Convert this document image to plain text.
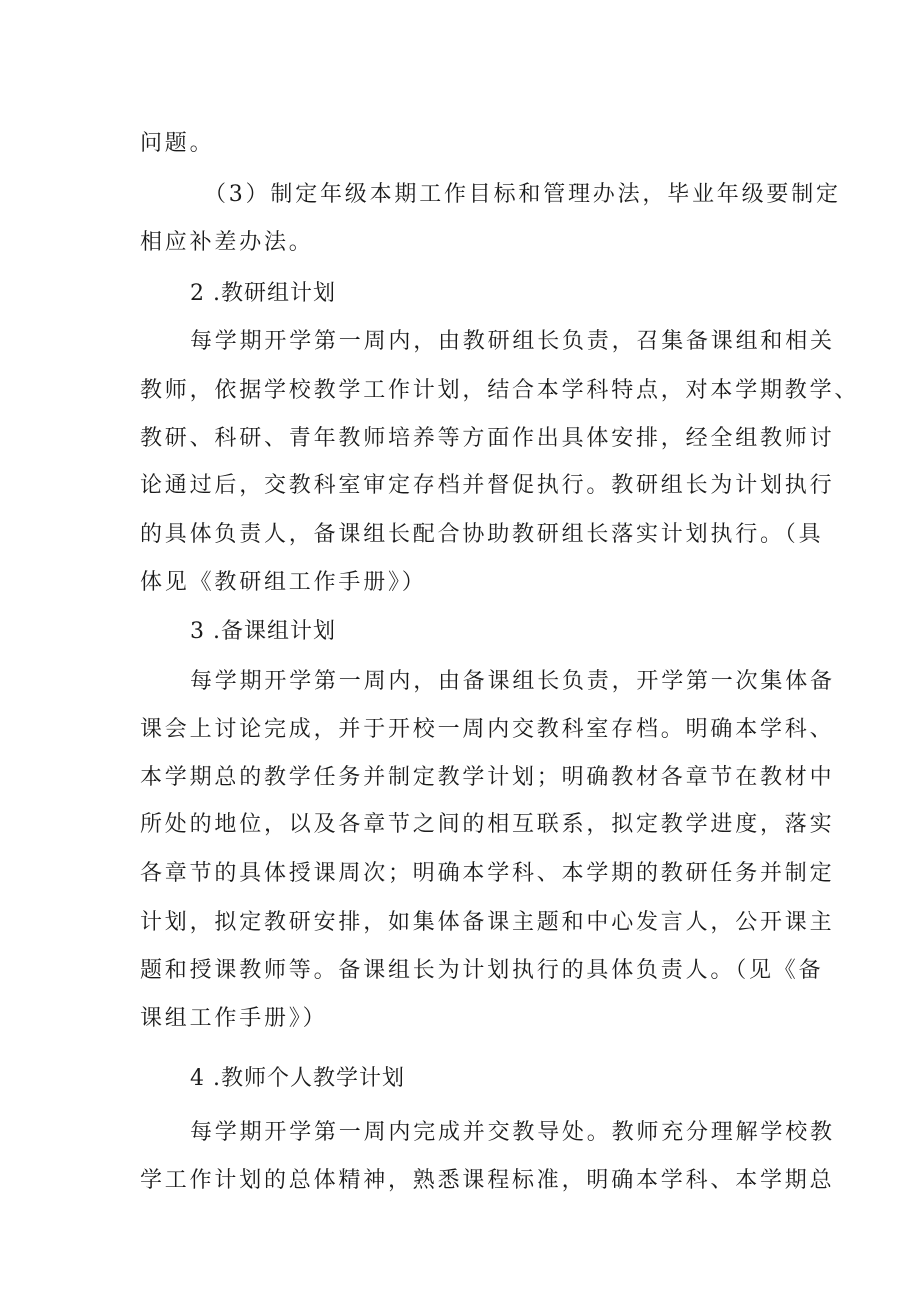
问题。
（3）制定年级本期工作目标和管理办法，毕业年级要制定
相应补差办法。
2 .教研组计划
每学期开学第一周内，由教研组长负责，召集备课组和相关
教师，依据学校教学工作计划，结合本学科特点，对本学期教学、
教研、科研、青年教师培养等方面作出具体安排，经全组教师讨
论通过后，交教科室审定存档并督促执行。教研组长为计划执行
的具体负责人，备课组长配合协助教研组长落实计划执行。（具
体见《教研组工作手册》）
3 .备课组计划
每学期开学第一周内，由备课组长负责，开学第一次集体备
课会上讨论完成，并于开校一周内交教科室存档。明确本学科、
本学期总的教学任务并制定教学计划；明确教材各章节在教材中
所处的地位，以及各章节之间的相互联系，拟定教学进度，落实
各章节的具体授课周次；明确本学科、本学期的教研任务并制定
计划，拟定教研安排，如集体备课主题和中心发言人，公开课主
题和授课教师等。备课组长为计划执行的具体负责人。（见《备
课组工作手册》）
4 .教师个人教学计划
每学期开学第一周内完成并交教导处。教师充分理解学校教
学工作计划的总体精神，熟悉课程标准，明确本学科、本学期总
